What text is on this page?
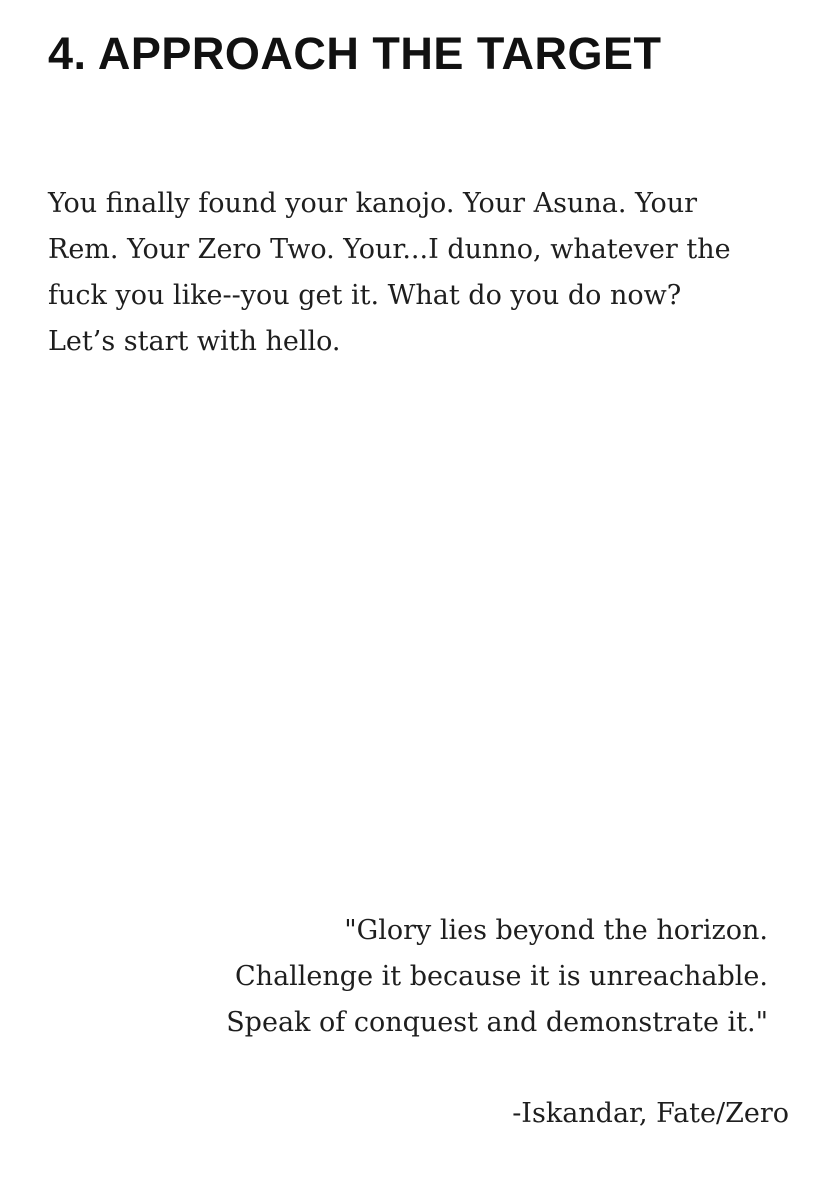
4. APPROACH THE TARGET

You finally found your kanojo. Your Asuna. Your
Rem. Your Zero Two. Your...I dunno, whatever the
fuck you like--you get it. What do you do now?
Let’s start with hello.

"Glory lies beyond the horizon.
Challenge it because it is unreachable.
Speak of conquest and demonstrate it."

-Iskandar, Fate/Zero
